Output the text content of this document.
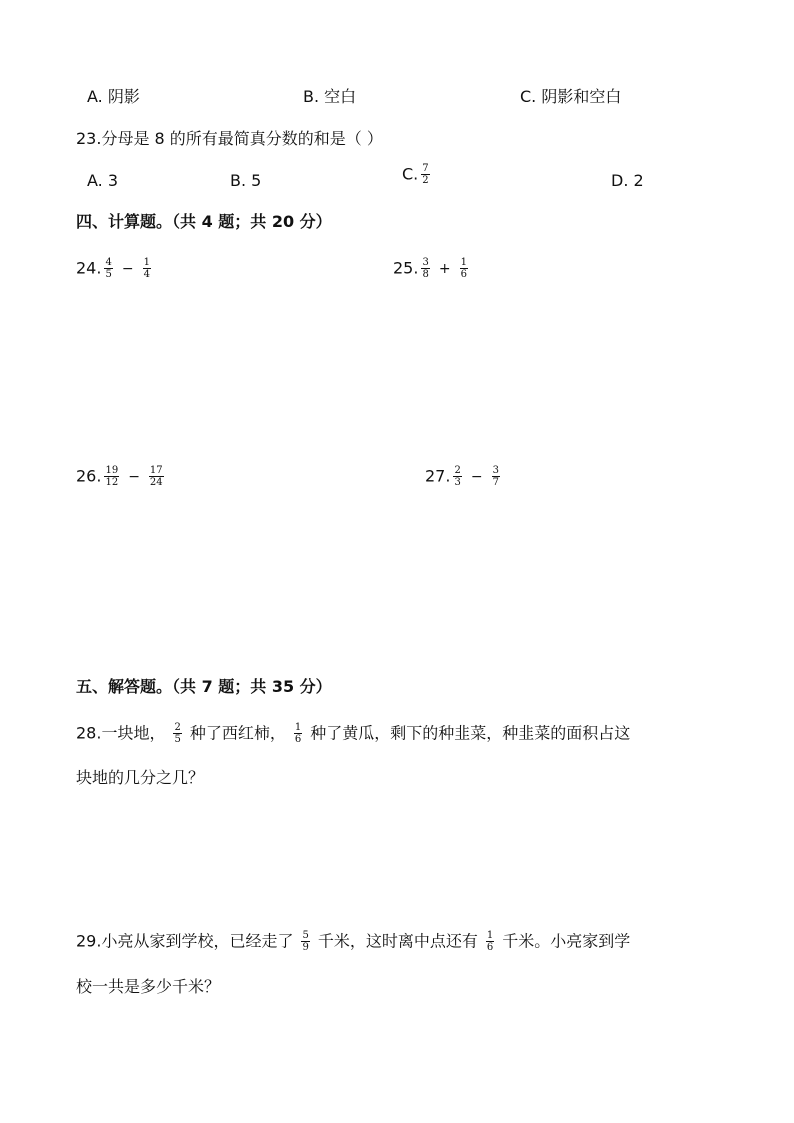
A. 阴影	B. 空白	C. 阴影和空白
23.分母是 8 的所有最简真分数的和是（ ）
A. 3	B. 5	C. $\frac{7}{2}$	D. 2
四、计算题。（共 4 题；共 20 分）
24. $\frac{4}{5} - \frac{1}{4}$	25. $\frac{3}{8} + \frac{1}{6}$
26. $\frac{19}{12} - \frac{17}{24}$	27. $\frac{2}{3} - \frac{3}{7}$
五、解答题。（共 7 题；共 35 分）
28.一块地， $\frac{2}{5}$ 种了西红柿， $\frac{1}{6}$ 种了黄瓜，剩下的种韭菜，种韭菜的面积占这
块地的几分之几？
29.小亮从家到学校，已经走了 $\frac{5}{9}$ 千米，这时离中点还有 $\frac{1}{6}$ 千米。小亮家到学
校一共是多少千米？
